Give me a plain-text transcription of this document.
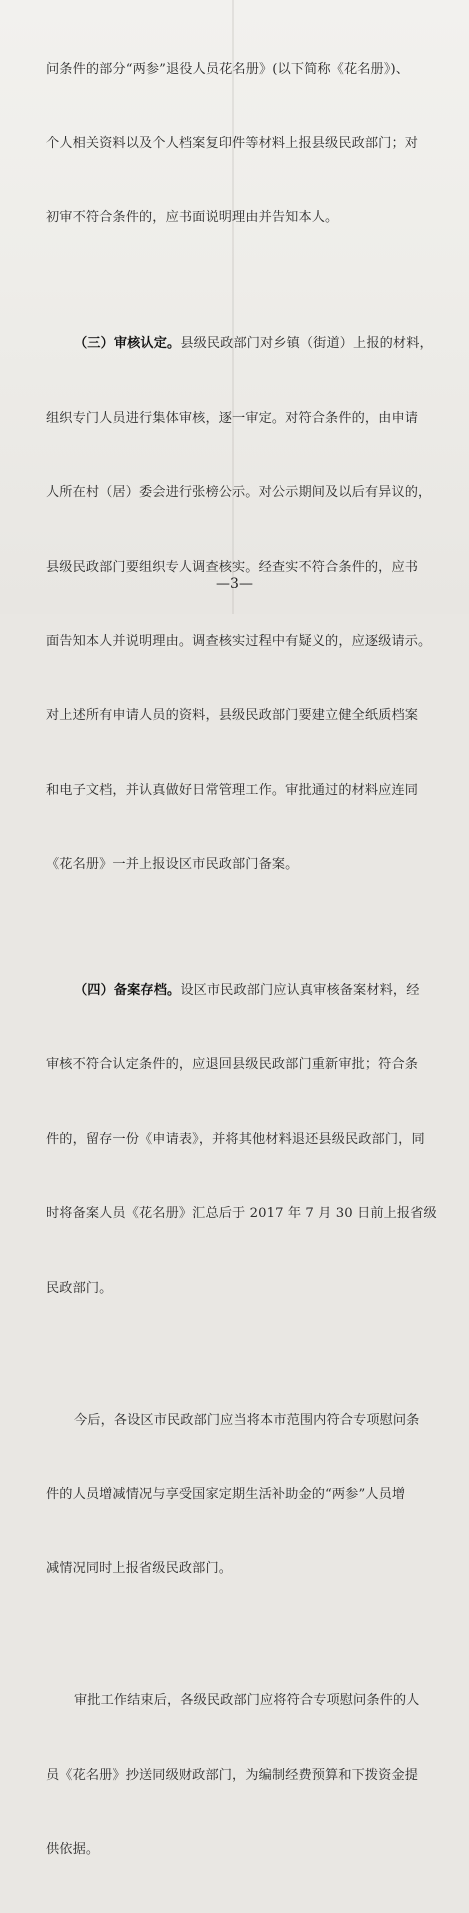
问条件的部分“两参”退役人员花名册》(以下简称《花名册》)、

个人相关资料以及个人档案复印件等材料上报县级民政部门；对

初审不符合条件的，应书面说明理由并告知本人。

（三）审核认定。县级民政部门对乡镇（街道）上报的材料，

组织专门人员进行集体审核，逐一审定。对符合条件的，由申请

人所在村（居）委会进行张榜公示。对公示期间及以后有异议的，

县级民政部门要组织专人调查核实。经查实不符合条件的，应书

面告知本人并说明理由。调查核实过程中有疑义的，应逐级请示。

对上述所有申请人员的资料，县级民政部门要建立健全纸质档案

和电子文档，并认真做好日常管理工作。审批通过的材料应连同

《花名册》一并上报设区市民政部门备案。

（四）备案存档。设区市民政部门应认真审核备案材料，经

审核不符合认定条件的，应退回县级民政部门重新审批；符合条

件的，留存一份《申请表》，并将其他材料退还县级民政部门，同

时将备案人员《花名册》汇总后于 2017 年 7 月 30 日前上报省级

民政部门。

今后，各设区市民政部门应当将本市范围内符合专项慰问条

件的人员增减情况与享受国家定期生活补助金的“两参”人员增

减情况同时上报省级民政部门。

审批工作结束后，各级民政部门应将符合专项慰问条件的人

员《花名册》抄送同级财政部门，为编制经费预算和下拨资金提

供依据。

—3—
